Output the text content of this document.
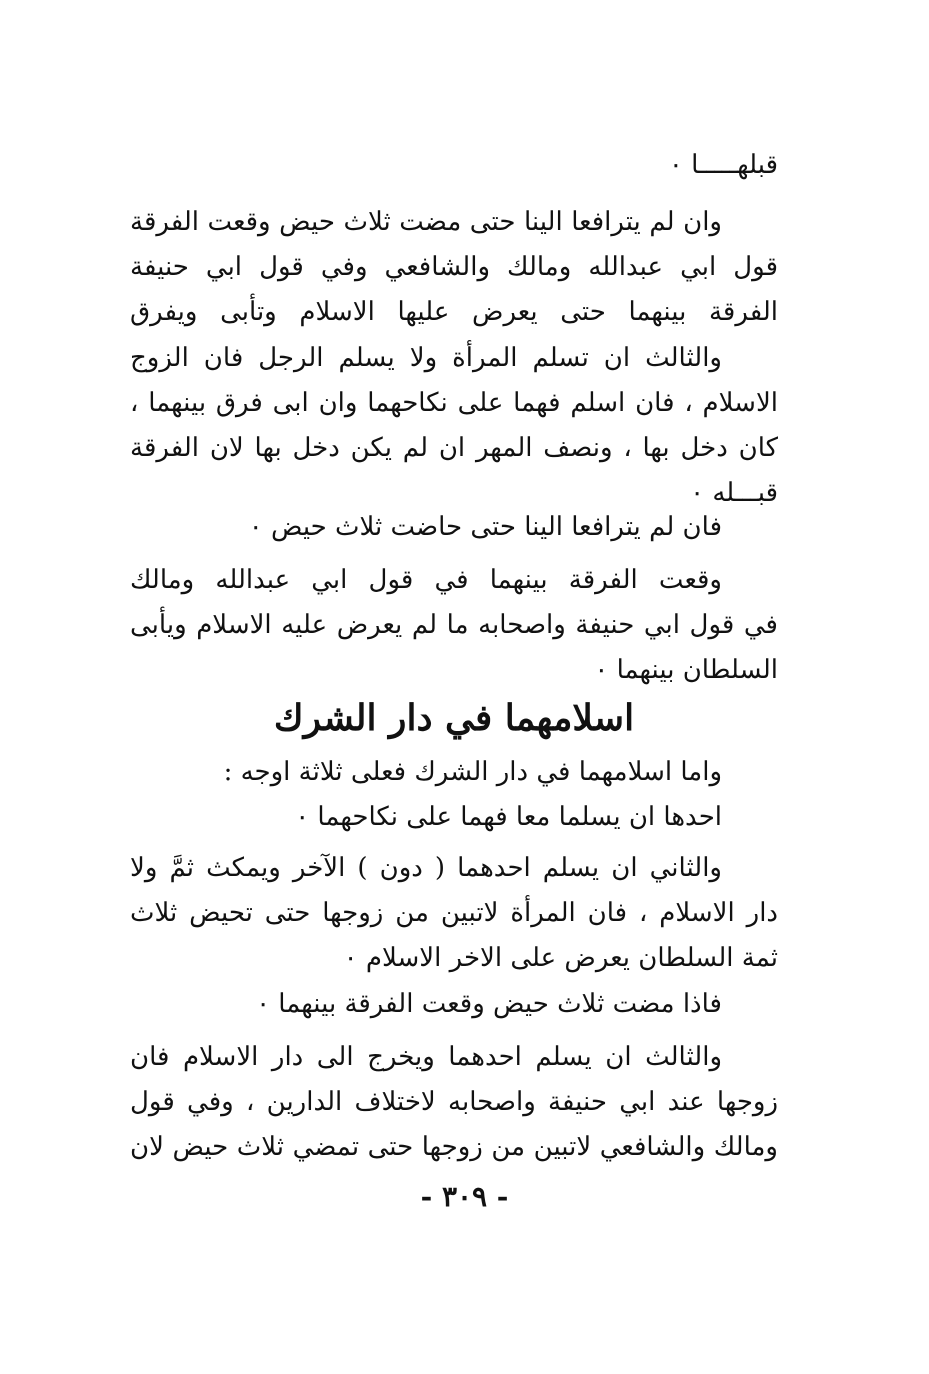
قبلهـــــا ٠
وان لم يترافعا الينا حتى مضت ثلاث حيض وقعت الفرقة
قول ابي عبدالله ومالك والشافعي وفي قول ابي حنيفة
الفرقة بينهما حتى يعرض عليها الاسلام وتأبى ويفرق
والثالث ان تسلم المرأة ولا يسلم الرجل فان الزوج
الاسلام ، فان اسلم فهما على نكاحهما وان ابى فرق بينهما ،
كان دخل بها ، ونصف المهر ان لم يكن دخل بها لان الفرقة
قبـــله ٠
فان لم يترافعا الينا حتى حاضت ثلاث حيض ٠
وقعت الفرقة بينهما في قول ابي عبدالله ومالك
في قول ابي حنيفة واصحابه ما لم يعرض عليه الاسلام ويأبى
السلطان بينهما ٠
اسلامهما في دار الشرك
واما اسلامهما في دار الشرك فعلى ثلاثة اوجه :
احدها ان يسلما معا فهما على نكاحهما ٠
والثاني ان يسلم احدهما ( دون ) الآخر ويمكث ثمَّ ولا
دار الاسلام ، فان المرأة لاتبين من زوجها حتى تحيض ثلاث
ثمة السلطان يعرض على الاخر الاسلام ٠
فاذا مضت ثلاث حيض وقعت الفرقة بينهما ٠
والثالث ان يسلم احدهما ويخرج الى دار الاسلام فان
زوجها عند ابي حنيفة واصحابه لاختلاف الدارين ، وفي قول
ومالك والشافعي لاتبين من زوجها حتى تمضي ثلاث حيض لان
- ٣٠٩ -
